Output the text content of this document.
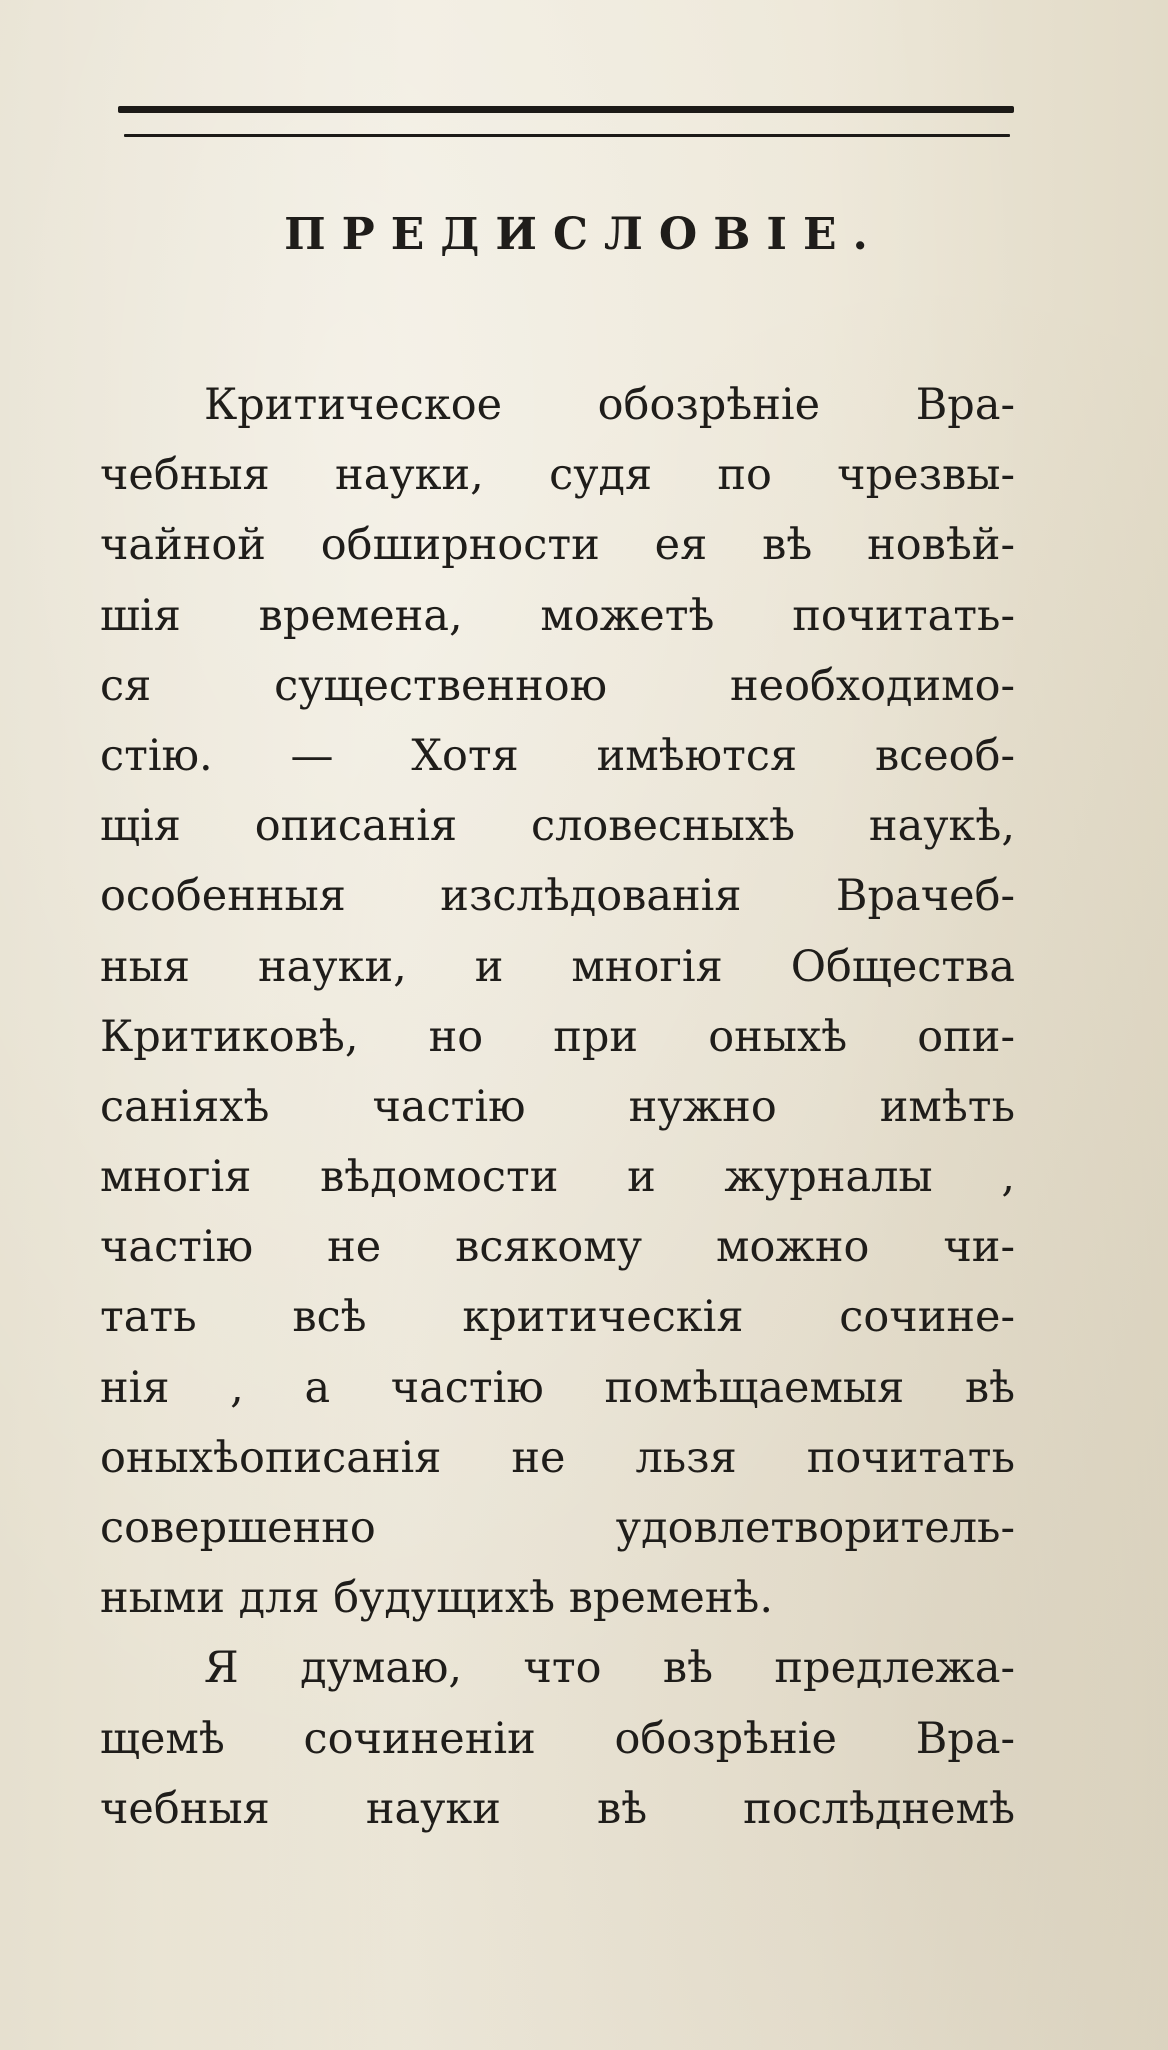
ПРЕДИСЛОВІЕ.
Критическое обозрѣніе Вра-
чебныя науки, судя по чрезвы-
чайной обширности ея вѣ новѣй-
шія времена, можетѣ почитать-
ся существенною необходимо-
стію. — Хотя имѣются всеоб-
щія описанія словесныхѣ наукѣ,
особенныя изслѣдованія Врачеб-
ныя науки, и многія Общества
Критиковѣ, но при оныхѣ опи-
саніяхѣ частію нужно имѣть
многія вѣдомости и журналы ,
частію не всякому можно чи-
тать всѣ критическія сочине-
нія , а частію помѣщаемыя вѣ
оныхѣописанія не льзя почитать
совершенно удовлетворитель-
ными для будущихѣ временѣ.
Я думаю, что вѣ предлежа-
щемѣ сочиненіи обозрѣніе Вра-
чебныя науки вѣ послѣднемѣ
